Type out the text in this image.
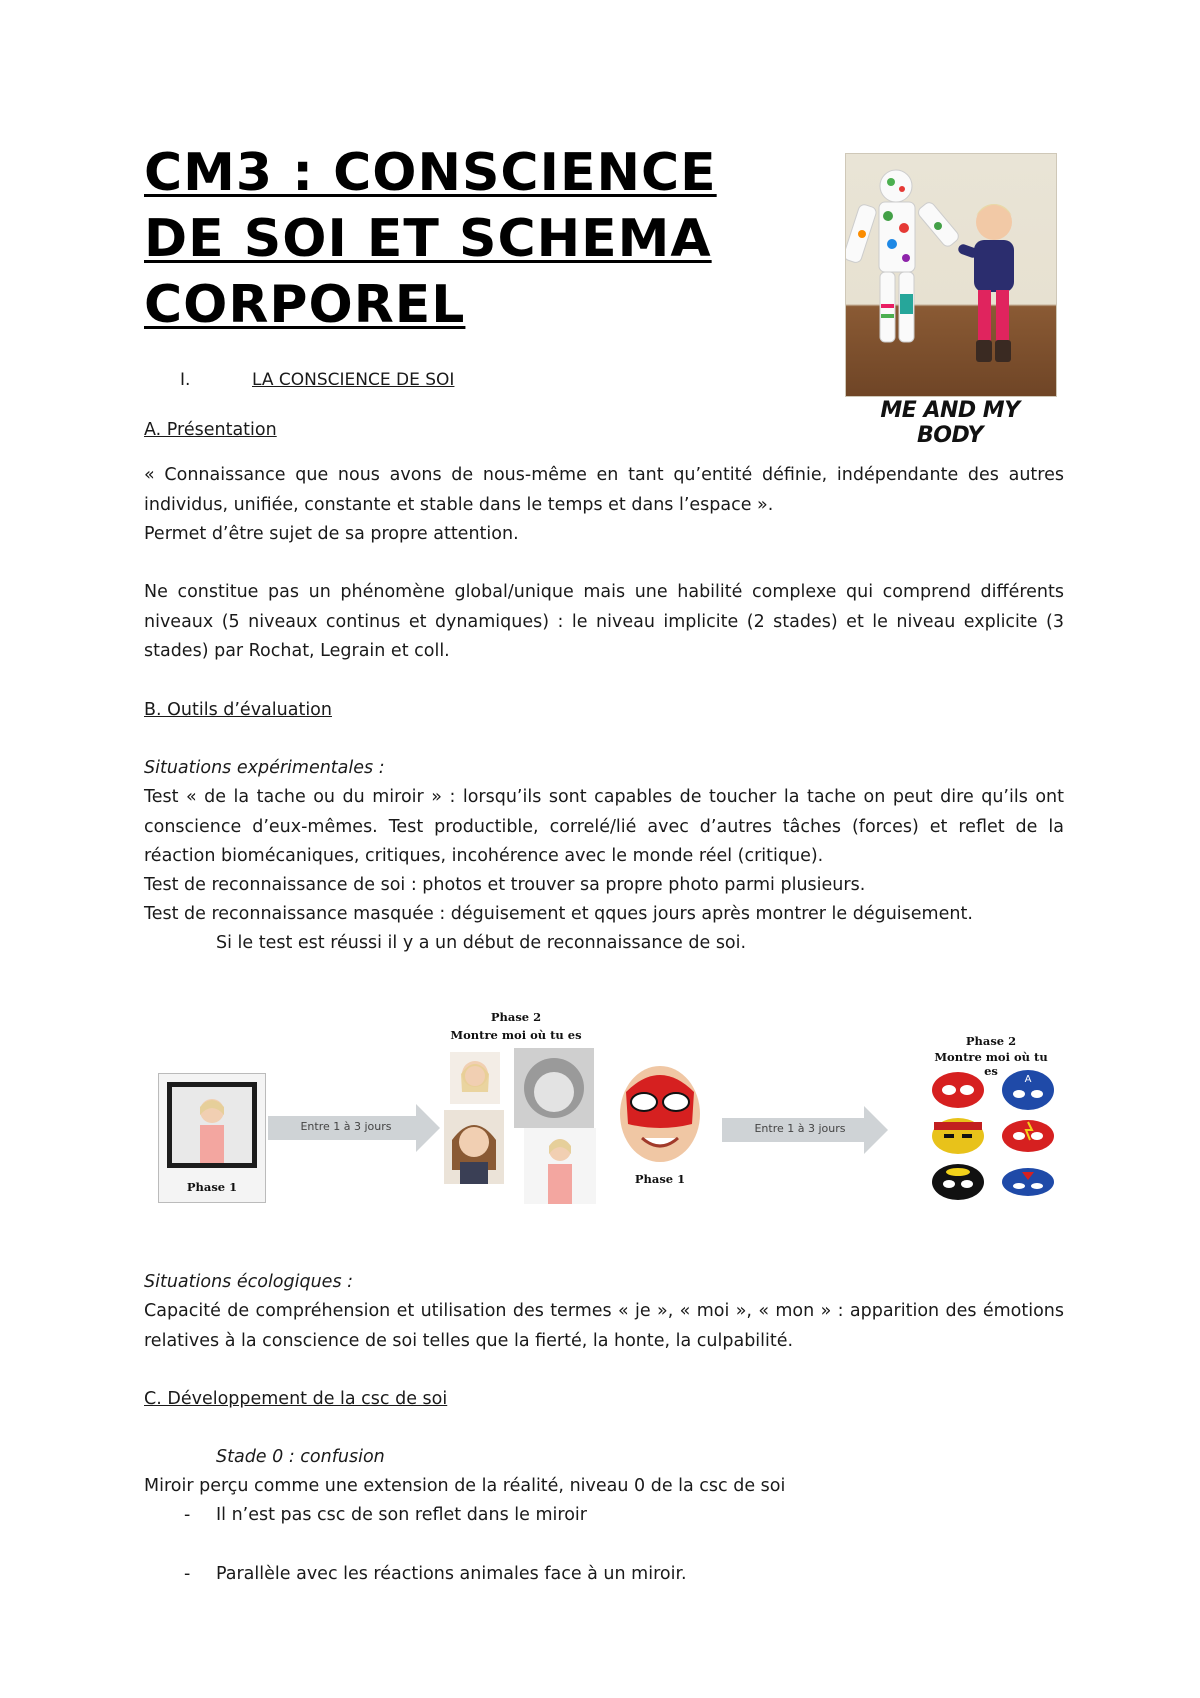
CM3 : CONSCIENCE DE SOI ET SCHEMA CORPOREL
ME AND MY BODY
I.	LA CONSCIENCE DE SOI
A. Présentation
« Connaissance que nous avons de nous-même en tant qu’entité définie, indépendante des autres individus, unifiée, constante et stable dans le temps et dans l’espace ».
Permet d’être sujet de sa propre attention.
Ne constitue pas un phénomène global/unique mais une habilité complexe qui comprend différents niveaux (5 niveaux continus et dynamiques) : le niveau implicite (2 stades) et le niveau explicite (3 stades) par Rochat, Legrain et coll.
B. Outils d’évaluation
Situations expérimentales :
Test « de la tache ou du miroir » : lorsqu’ils sont capables de toucher la tache on peut dire qu’ils ont conscience d’eux-mêmes. Test productible, correlé/lié avec d’autres tâches (forces) et reflet de la réaction biomécaniques, critiques, incohérence avec le monde réel (critique).
Test de reconnaissance de soi : photos et trouver sa propre photo parmi plusieurs.
Test de reconnaissance masquée : déguisement et qques jours après montrer le déguisement.
Si le test est réussi il y a un début de reconnaissance de soi.
Phase 1
Entre 1 à 3 jours
Phase 2
Montre moi où tu es
Phase 1
Entre 1 à 3 jours
Phase 2
Montre moi où tu es
A
Situations écologiques :
Capacité de compréhension et utilisation des termes « je », « moi », « mon » : apparition des émotions relatives à la conscience de soi telles que la fierté, la honte, la culpabilité.
C. Développement de la csc de soi
Stade 0 : confusion
Miroir perçu comme une extension de la réalité, niveau 0 de la csc de soi
- Il n’est pas csc de son reflet dans le miroir
- Parallèle avec les réactions animales face à un miroir.
